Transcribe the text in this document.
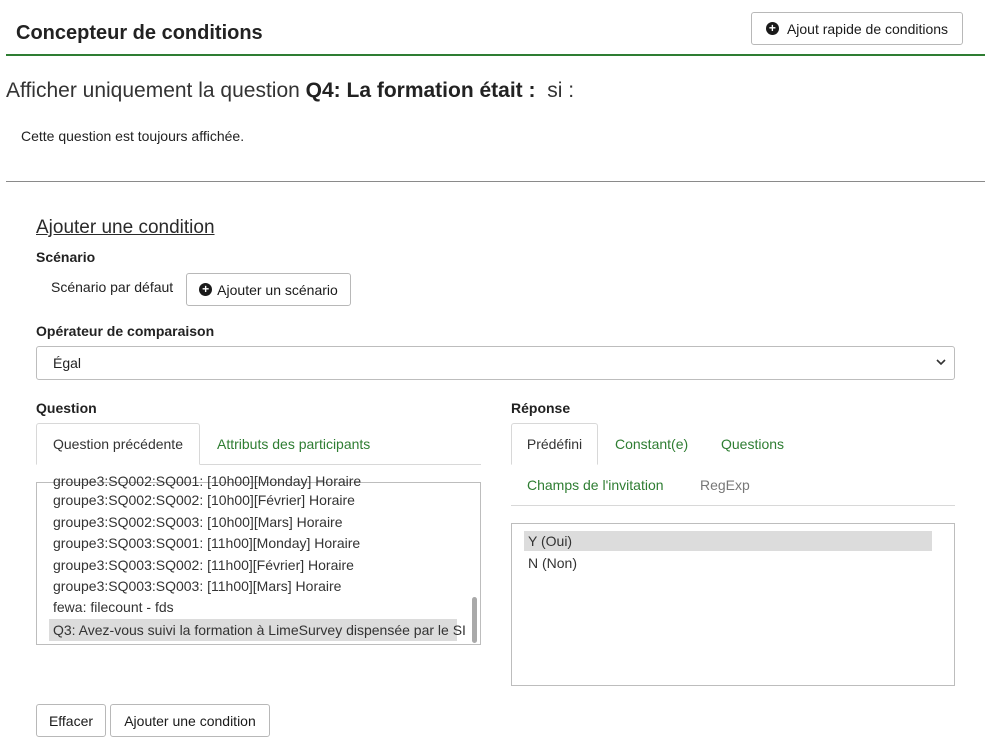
Concepteur de conditions	+ Ajout rapide de conditions
Afficher uniquement la question Q4: La formation était : si :
Cette question est toujours affichée.
Ajouter une condition
Scénario
Scénario par défaut + Ajouter un scénario
Opérateur de comparaison
Égal
Question
Question précédente Attributs des participants
groupe3:SQ002:SQ001: [10h00][Monday] Horaire
groupe3:SQ002:SQ002: [10h00][Février] Horaire
groupe3:SQ002:SQ003: [10h00][Mars] Horaire
groupe3:SQ003:SQ001: [11h00][Monday] Horaire
groupe3:SQ003:SQ002: [11h00][Février] Horaire
groupe3:SQ003:SQ003: [11h00][Mars] Horaire
fewa: filecount - fds
Q3: Avez-vous suivi la formation à LimeSurvey dispensée par le SI
Réponse
Prédéfini Constant(e) Questions
Champs de l'invitation	RegExp
Y (Oui)
N (Non)
Effacer	Ajouter une condition
